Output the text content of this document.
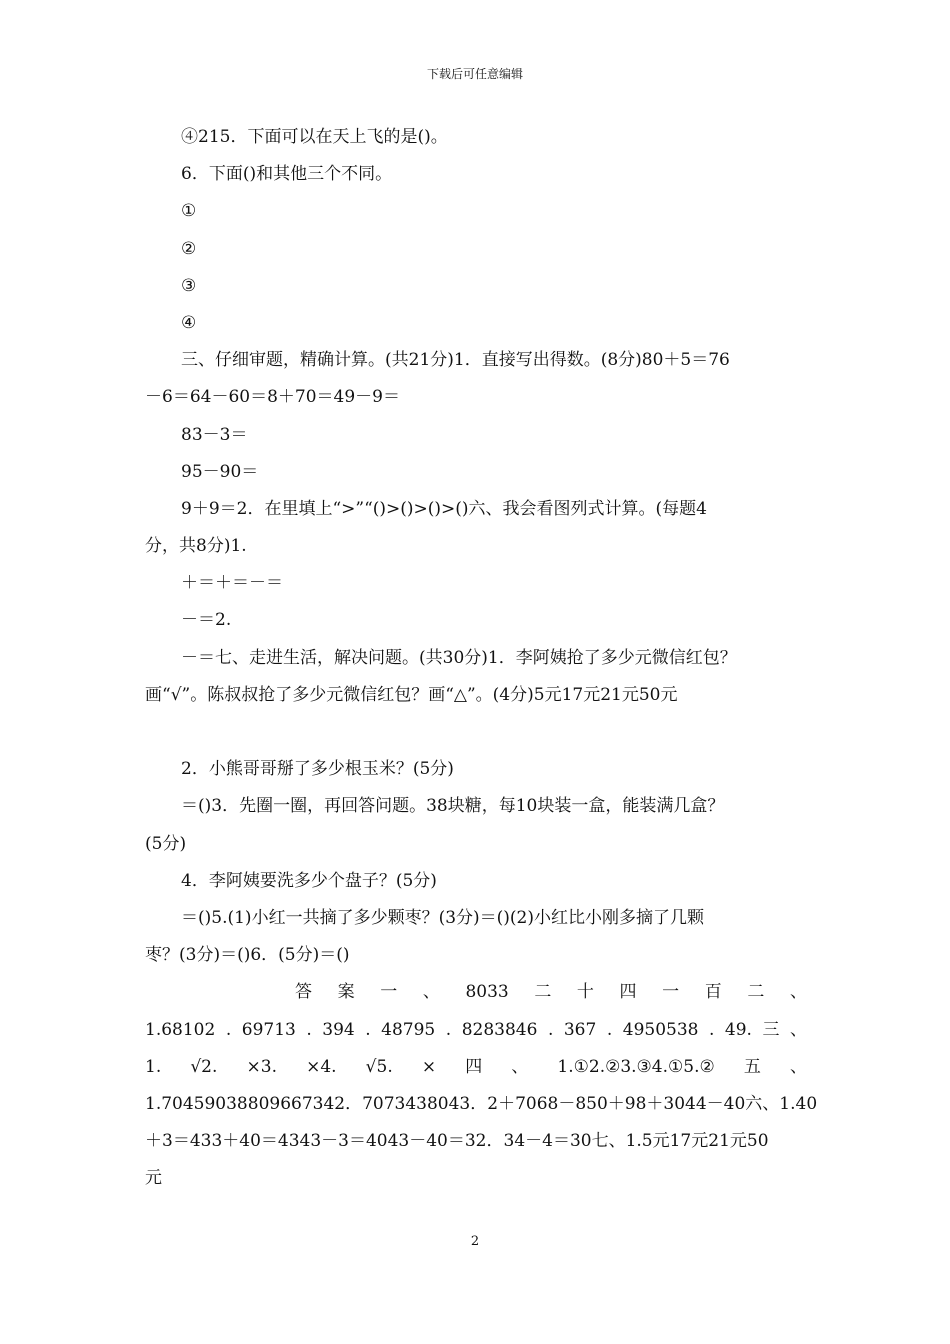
下载后可任意编辑
④215．下面可以在天上飞的是()。
6．下面()和其他三个不同。
①
②
③
④
三、仔细审题，精确计算。(共21分)1．直接写出得数。(8分)80＋5＝76
－6＝64－60＝8＋70＝49－9＝
83－3＝
95－90＝
9＋9＝2．在里填上“>”“()>()>()>()六、我会看图列式计算。(每题4
分，共8分)1.
＋＝＋＝－＝
－＝2.
－＝七、走进生活，解决问题。(共30分)1．李阿姨抢了多少元微信红包？
画“√”。陈叔叔抢了多少元微信红包？画“△”。(4分)5元17元21元50元
2．小熊哥哥掰了多少根玉米？(5分)
＝()3．先圈一圈，再回答问题。38块糖，每10块装一盒，能装满几盒？
(5分)
4．李阿姨要洗多少个盘子？(5分)
＝()5.(1)小红一共摘了多少颗枣？(3分)＝()(2)小红比小刚多摘了几颗
枣？(3分)＝()6．(5分)＝()
答 案 一 、 8033 二 十 四 一 百 二 、
1.68102 . 69713 . 394 . 48795 . 8283846 . 367 . 4950538 . 49. 三 、
1. √2. ×3. ×4. √5. × 四 、 1.①2.②3.③4.①5.② 五 、
1.70459038809667342．7073438043．2＋7068－850＋98＋3044－40六、1.40
＋3＝433＋40＝4343－3＝4043－40＝32．34－4＝30七、1.5元17元21元50
元
2
